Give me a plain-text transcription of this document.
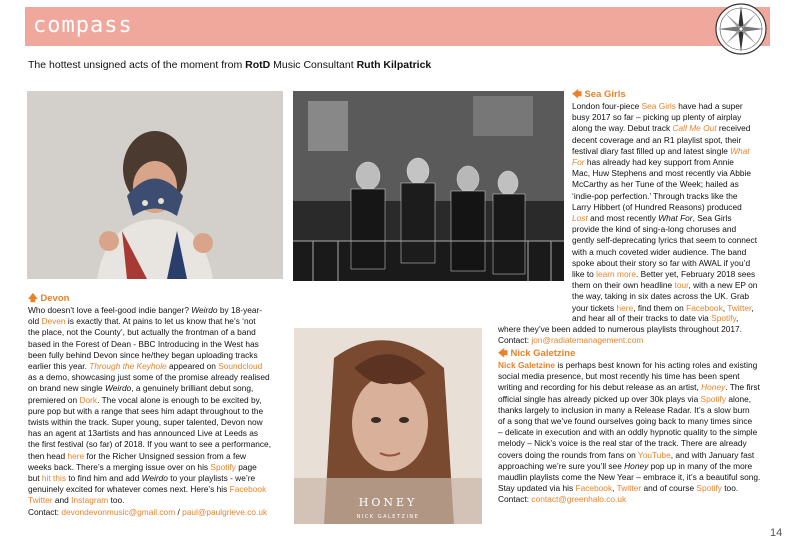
compass
The hottest unsigned acts of the moment from RotD Music Consultant Ruth Kilpatrick
HONEY
NICK GALETZINE

🡅 Devon

Who doesn’t love a feel-good indie banger? Weirdo by 18-year-

old Deven is exactly that. At pains to let us know that he’s ‘not

the place, not the County’, but actually the frontman of a band

based in the Forest of Dean - BBC Introducing in the West has

been fully behind Devon since he/they began uploading tracks

earlier this year. Through the Keyhole appeared on Soundcloud

as a demo, showcasing just some of the promise already realised

on brand new single Weirdo, a genuinely brilliant debut song,

premiered on Dork. The vocal alone is enough to be excited by,

pure pop but with a range that sees him adapt throughout to the

twists within the track. Super young, super talented, Devon now

has an agent at 13artists and has announced Live at Leeds as

the first festival (so far) of 2018. If you want to see a performance,

then head here for the Richer Unsigned session from a few

weeks back. There’s a merging issue over on his Spotify page

but hit this to find him and add Weirdo to your playlists - we’re

genuinely excited for whatever comes next. Here’s his Facebook

Twitter and Instagram too.

Contact: devondevonmusic@gmail.com / paul@paulgrieve.co.uk

🡄 Sea Girls

London four-piece Sea Girls have had a super

busy 2017 so far – picking up plenty of airplay

along the way. Debut track Call Me Out received

decent coverage and an R1 playlist spot, their

festival diary fast filled up and latest single What

For has already had key support from Annie

Mac, Huw Stephens and most recently via Abbie

McCarthy as her Tune of the Week; hailed as

‘indie-pop perfection.’ Through tracks like the

Larry Hibbert (of Hundred Reasons) produced

Lost and most recently What For, Sea Girls

provide the kind of sing-a-long choruses and

gently self-deprecating lyrics that seem to connect

with a much coveted wider audience. The band

spoke about their story so far with AWAL if you’d

like to learn more. Better yet, February 2018 sees

them on their own headline tour, with a new EP on

the way, taking in six dates across the UK. Grab

your tickets here, find them on Facebook, Twitter,

and hear all of their tracks to date via Spotify,

where they’ve been added to numerous playlists throughout 2017.

Contact: jon@radiatemanagement.com

🡄 Nick Galetzine

Nick Galetzine is perhaps best known for his acting roles and existing

social media presence, but most recently his time has been spent

writing and recording for his debut release as an artist, Honey. The first

official single has already picked up over 30k plays via Spotify alone,

thanks largely to inclusion in many a Release Radar. It’s a slow burn

of a song that we’ve found ourselves going back to many times since

– delicate in execution and with an oddly hypnotic quality to the simple

melody – Nick’s voice is the real star of the track. There are already

covers doing the rounds from fans on YouTube, and with January fast

approaching we’re sure you’ll see Honey pop up in many of the more

maudlin playlists come the New Year – embrace it, it’s a beautiful song.

Stay updated via his Facebook, Twitter and of course Spotify too.

Contact: contact@greenhalo.co.uk

14
